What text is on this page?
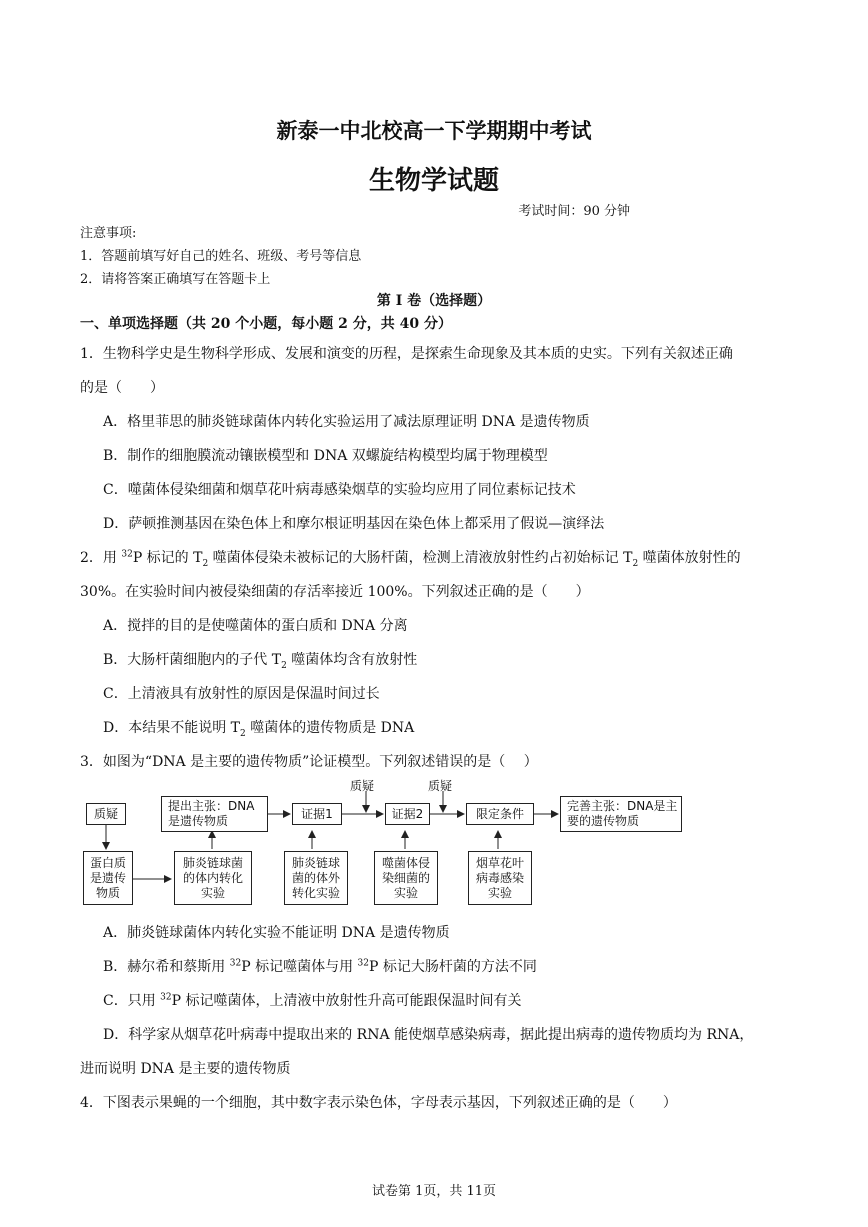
新泰一中北校高一下学期期中考试
生物学试题
考试时间：90 分钟
注意事项:
1．答题前填写好自己的姓名、班级、考号等信息
2．请将答案正确填写在答题卡上
第 I 卷（选择题）
一、单项选择题（共 20 个小题，每小题 2 分，共 40 分）
1．生物科学史是生物科学形成、发展和演变的历程，是探索生命现象及其本质的史实。下列有关叙述正确
的是（　　）
A．格里菲思的肺炎链球菌体内转化实验运用了减法原理证明 DNA 是遗传物质
B．制作的细胞膜流动镶嵌模型和 DNA 双螺旋结构模型均属于物理模型
C．噬菌体侵染细菌和烟草花叶病毒感染烟草的实验均应用了同位素标记技术
D．萨顿推测基因在染色体上和摩尔根证明基因在染色体上都采用了假说—演绎法
2．用 $^{32}$P 标记的 $T_2$ 噬菌体侵染未被标记的大肠杆菌，检测上清液放射性约占初始标记 $T_2$ 噬菌体放射性的
30%。在实验时间内被侵染细菌的存活率接近 100%。下列叙述正确的是（　　）
A．搅拌的目的是使噬菌体的蛋白质和 DNA 分离
B．大肠杆菌细胞内的子代 $T_2$ 噬菌体均含有放射性
C．上清液具有放射性的原因是保温时间过长
D．本结果不能说明 $T_2$ 噬菌体的遗传物质是 DNA
3．如图为“DNA 是主要的遗传物质”论证模型。下列叙述错误的是（　 ）
质疑
提出主张：DNA 是遗传物质
证据1	证据2	限定条件
完善主张：DNA是主要的遗传物质
质疑	质疑
蛋白质是遗传物质
肺炎链球菌的体内转化实验
肺炎链球菌的体外转化实验
噬菌体侵染细菌的实验
烟草花叶病毒感染实验
A．肺炎链球菌体内转化实验不能证明 DNA 是遗传物质
B．赫尔希和蔡斯用 $^{32}$P 标记噬菌体与用 $^{32}$P 标记大肠杆菌的方法不同
C．只用 $^{32}$P 标记噬菌体，上清液中放射性升高可能跟保温时间有关
D．科学家从烟草花叶病毒中提取出来的 RNA 能使烟草感染病毒，据此提出病毒的遗传物质均为 RNA，
进而说明 DNA 是主要的遗传物质
4．下图表示果蝇的一个细胞，其中数字表示染色体，字母表示基因，下列叙述正确的是（　　）
试卷第 1页，共 11页
